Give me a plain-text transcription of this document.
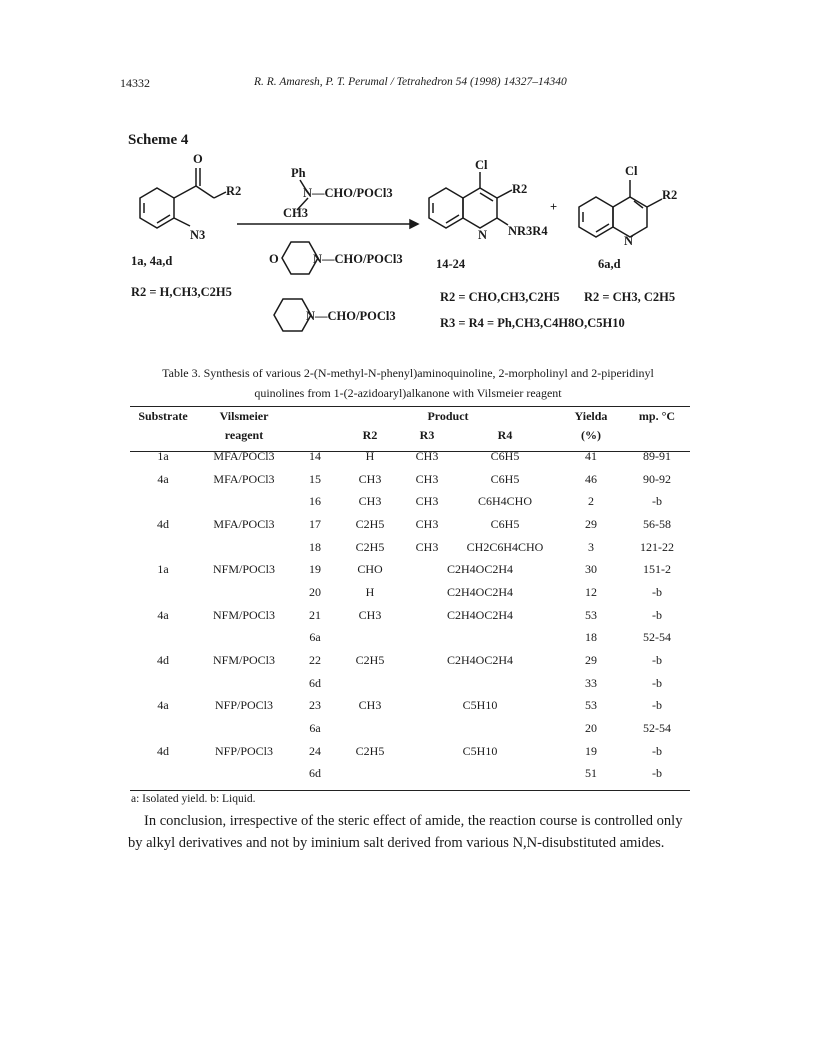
14332	R. R. Amaresh, P. T. Perumal / Tetrahedron 54 (1998) 14327–14340
Scheme 4
O
R2
N3
Ph
N—CHO/POCl3
CH3
O	N—CHO/POCl3
N—CHO/POCl3
Cl
R2
N NR3R4
+
Cl
R2
N
1a, 4a,d	14-24	6a,d
R2 = H,CH3,C2H5	R2 = CHO,CH3,C2H5 R2 = CH3, C2H5
R3 = R4 = Ph,CH3,C4H8O,C5H10
Table 3. Synthesis of various 2-(N-methyl-N-phenyl)aminoquinoline, 2-morpholinyl and 2-piperidinyl
quinolines from 1-(2-azidoaryl)alkanone with Vilsmeier reagent
Substrate	Vilsmeier		Product			Yielda	mp. °C
	reagent		R2	R3	R4	(%)	
1a	MFA/POCl3	14	H	CH3	C6H5	41	89-91
4a	MFA/POCl3	15	CH3	CH3	C6H5	46	90-92
		16	CH3	CH3	C6H4CHO	2	-b
4d	MFA/POCl3	17	C2H5	CH3	C6H5	29	56-58
		18	C2H5	CH3	CH2C6H4CHO	3	121-22
1a	NFM/POCl3	19	CHO	C2H4OC2H4		30	151-2
		20	H	C2H4OC2H4		12	-b
4a	NFM/POCl3	21	CH3	C2H4OC2H4		53	-b
		6a				18	52-54
4d	NFM/POCl3	22	C2H5	C2H4OC2H4		29	-b
		6d				33	-b
4a	NFP/POCl3	23	CH3	C5H10		53	-b
		6a				20	52-54
4d	NFP/POCl3	24	C2H5	C5H10		19	-b
		6d				51	-b
a: Isolated yield. b: Liquid.
In conclusion, irrespective of the steric effect of amide, the reaction course is controlled only
by alkyl derivatives and not by iminium salt derived from various N,N-disubstituted amides.
